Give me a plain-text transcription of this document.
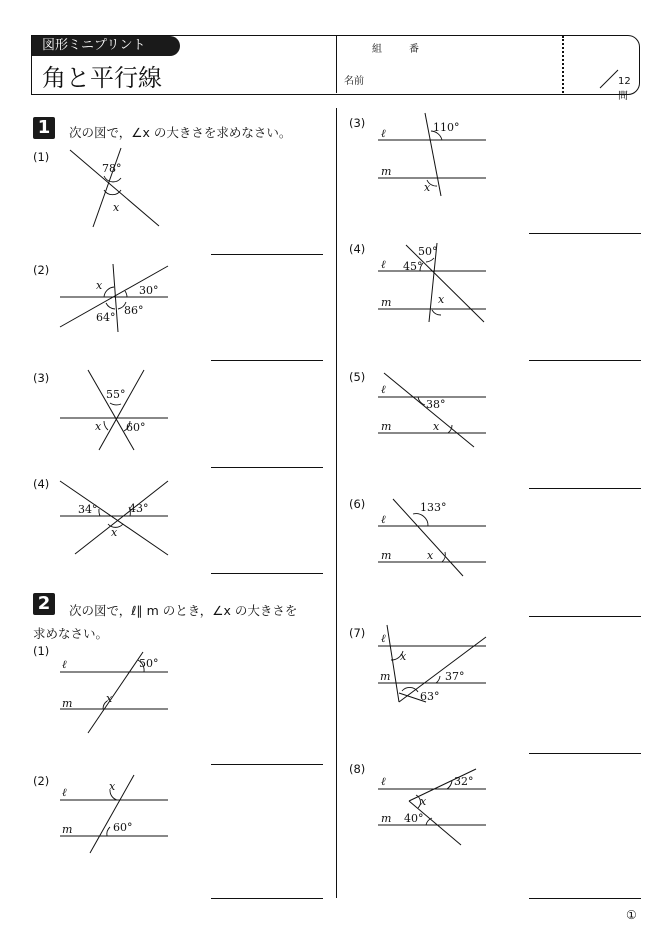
図形ミニプリント
角と平行線
組	番
名前	12問
1	次の図で，∠x の大きさを求めなさい。
(1)
78°
x
(2)
x	30°
64°
86°
(3)
55°
x 60°
(4)
34°	43°
x
2	次の図で，ℓ∥ m のとき，∠x の大きさを
求めなさい。
(1)
ℓ
m
50°
x
(2)
ℓ
m
x
60°
(3)
ℓ
m
110°
x
(4)
ℓ
m
50°
45°
x
(5)
ℓ
m
38°
x
(6)
ℓ
m
133°
x
(7) ℓ
m
x
37°
63°
(8)
ℓ
m
32°
x
40°
①
